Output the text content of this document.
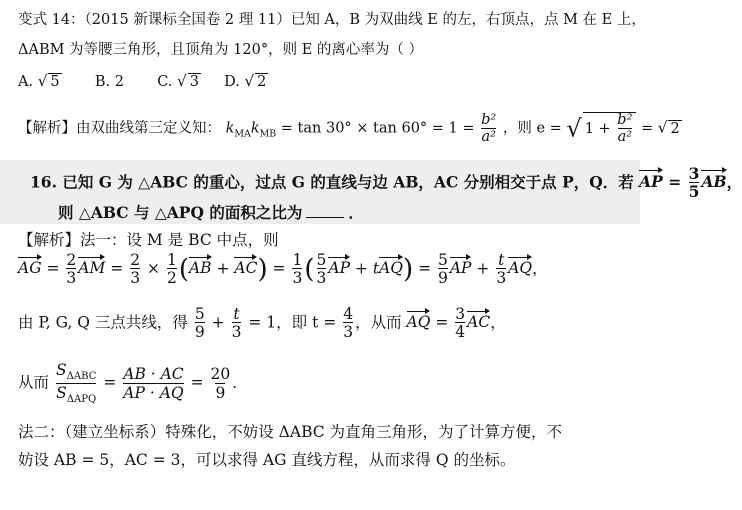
变式 14：（2015 新课标全国卷 2 理 11）已知 A，B 为双曲线 E 的左，右顶点，点 M 在 E 上，
ΔABM 为等腰三角形，且顶角为 120°，则 E 的离心率为（ ）
A. √ 5 B. 2 C. √ 3 D. √ 2
【解析】由双曲线第三定义知： $k_{MA}k_{MB} = \tan 30^\circ \times \tan 60^\circ = 1 = \frac{\text{b²}}{\text{a²}}$ ，则 e = √ $1 + \frac{\text{b²}}{\text{a²}}$ = √ 2
16. 已知 G 为 △ABC 的重心，过点 G 的直线与边 AB，AC 分别相交于点 P，Q．若 AP = $\frac{3}{5}$ AB，
则 △ABC 与 △APQ 的面积之比为	．
【解析】法一：设 M 是 BC 中点，则
AG = $\frac{2}{3}$ AM = $\frac{2}{3} \times \frac{1}{2} (AB + AC) = \frac{1}{3}$ ( $\frac{5}{3}$ AP + $tAQ) = \frac{5}{9}$ AP + $\frac{t}{3}$ AQ，
由 P, G, Q 三点共线，得 $\frac{5}{9} + \frac{t}{3} = 1$，即 $t = \frac{4}{3}$ ，从而 AQ = $\frac{3}{4}$ AC，
从而 $\frac{S_{\Delta ABC}}{S_{\Delta APQ}} = \frac{AB \cdot AC}{AP \cdot AQ} = \frac{20}{9}$ ．
法二：（建立坐标系）特殊化，不妨设 ΔABC 为直角三角形，为了计算方便，不
妨设 AB = 5，AC = 3，可以求得 AG 直线方程，从而求得 Q 的坐标。
